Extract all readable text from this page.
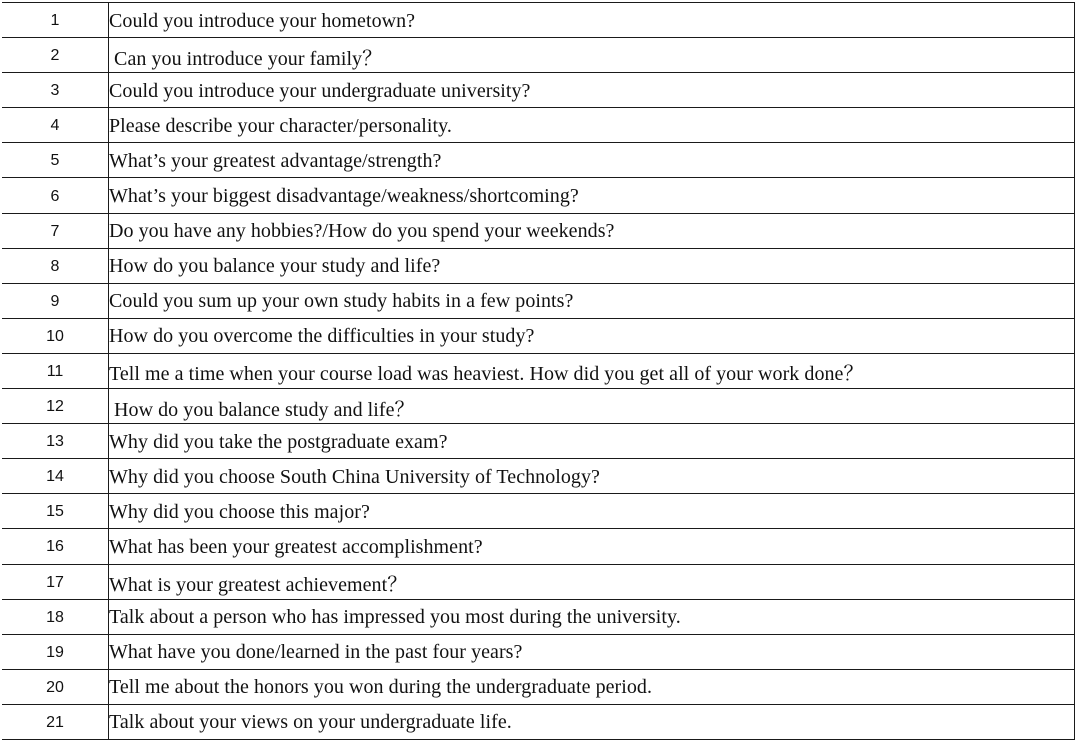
1	Could you introduce your hometown?
2	Can you introduce your family？
3	Could you introduce your undergraduate university?
4	Please describe your character/personality.
5	What’s your greatest advantage/strength?
6	What’s your biggest disadvantage/weakness/shortcoming?
7	Do you have any hobbies?/How do you spend your weekends?
8	How do you balance your study and life?
9	Could you sum up your own study habits in a few points?
10	How do you overcome the difficulties in your study?
11	Tell me a time when your course load was heaviest. How did you get all of your work done？
12	How do you balance study and life？
13	Why did you take the postgraduate exam?
14	Why did you choose South China University of Technology?
15	Why did you choose this major?
16	What has been your greatest accomplishment?
17	What is your greatest achievement？
18	Talk about a person who has impressed you most during the university.
19	What have you done/learned in the past four years?
20	Tell me about the honors you won during the undergraduate period.
21	Talk about your views on your undergraduate life.
